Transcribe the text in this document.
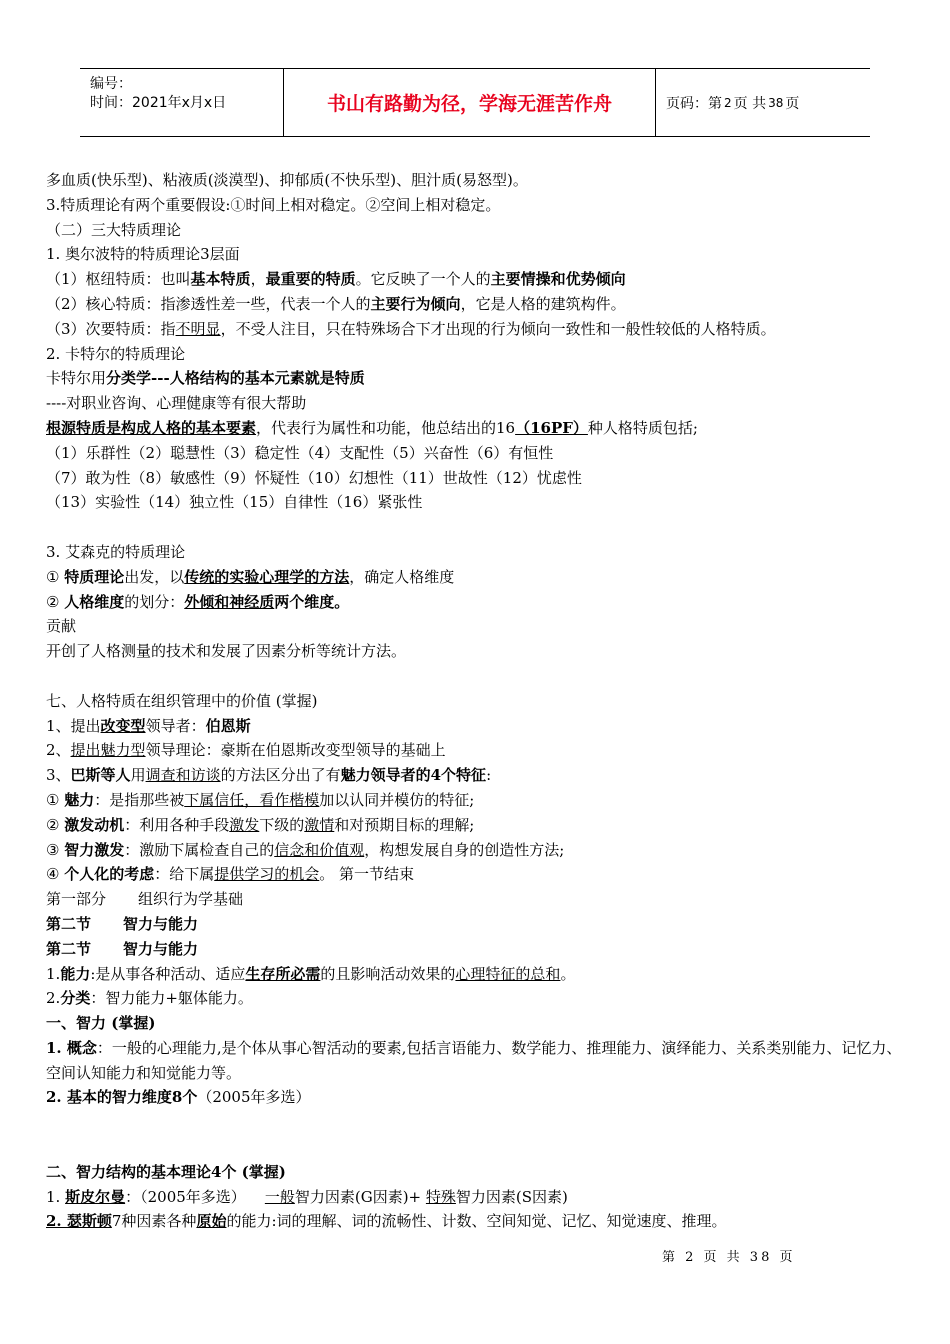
编号：
时间：2021年x月x日	书山有路勤为径，学海无涯苦作舟	页码：第 2 页 共 38 页
多血质(快乐型)、粘液质(淡漠型)、抑郁质(不快乐型)、胆汁质(易怒型)。
3.特质理论有两个重要假设:①时间上相对稳定。②空间上相对稳定。
（二）三大特质理论
1. 奥尔波特的特质理论3层面
（1）枢纽特质：也叫基本特质，最重要的特质。它反映了一个人的主要情操和优势倾向
（2）核心特质：指渗透性差一些，代表一个人的主要行为倾向，它是人格的建筑构件。
（3）次要特质：指不明显，不受人注目，只在特殊场合下才出现的行为倾向一致性和一般性较低的人格特质。
2. 卡特尔的特质理论
卡特尔用分类学---人格结构的基本元素就是特质
----对职业咨询、心理健康等有很大帮助
根源特质是构成人格的基本要素，代表行为属性和功能，他总结出的16（16PF）种人格特质包括;
（1）乐群性（2）聪慧性（3）稳定性（4）支配性（5）兴奋性（6）有恒性
（7）敢为性（8）敏感性（9）怀疑性（10）幻想性（11）世故性（12）忧虑性
（13）实验性（14）独立性（15）自律性（16）紧张性
3. 艾森克的特质理论
① 特质理论出发，以传统的实验心理学的方法，确定人格维度
② 人格维度的划分：外倾和神经质两个维度。
贡献
开创了人格测量的技术和发展了因素分析等统计方法。
七、人格特质在组织管理中的价值 (掌握)
1、提出改变型领导者：伯恩斯
2、提出魅力型领导理论：豪斯在伯恩斯改变型领导的基础上
3、巴斯等人用调查和访谈的方法区分出了有魅力领导者的4个特征:
① 魅力：是指那些被下属信任，看作楷模加以认同并模仿的特征;
② 激发动机：利用各种手段激发下级的激情和对预期目标的理解;
③ 智力激发：激励下属检查自己的信念和价值观，构想发展自身的创造性方法;
④ 个人化的考虑：给下属提供学习的机会。 第一节结束
第一部分 组织行为学基础
第二节 智力与能力
第二节 智力与能力
1.能力:是从事各种活动、适应生存所必需的且影响活动效果的心理特征的总和。
2.分类：智力能力+躯体能力。
一、智力 (掌握)
1. 概念：一般的心理能力,是个体从事心智活动的要素,包括言语能力、数学能力、推理能力、演绎能力、关系类别能力、记忆力、空间认知能力和知觉能力等。
2. 基本的智力维度8个（2005年多选）
二、智力结构的基本理论4个 (掌握)
1. 斯皮尔曼：（2005年多选）    一般智力因素(G因素)+ 特殊智力因素(S因素)
2. 瑟斯顿7种因素各种原始的能力:词的理解、词的流畅性、计数、空间知觉、记忆、知觉速度、推理。
第 2 页 共 38 页
